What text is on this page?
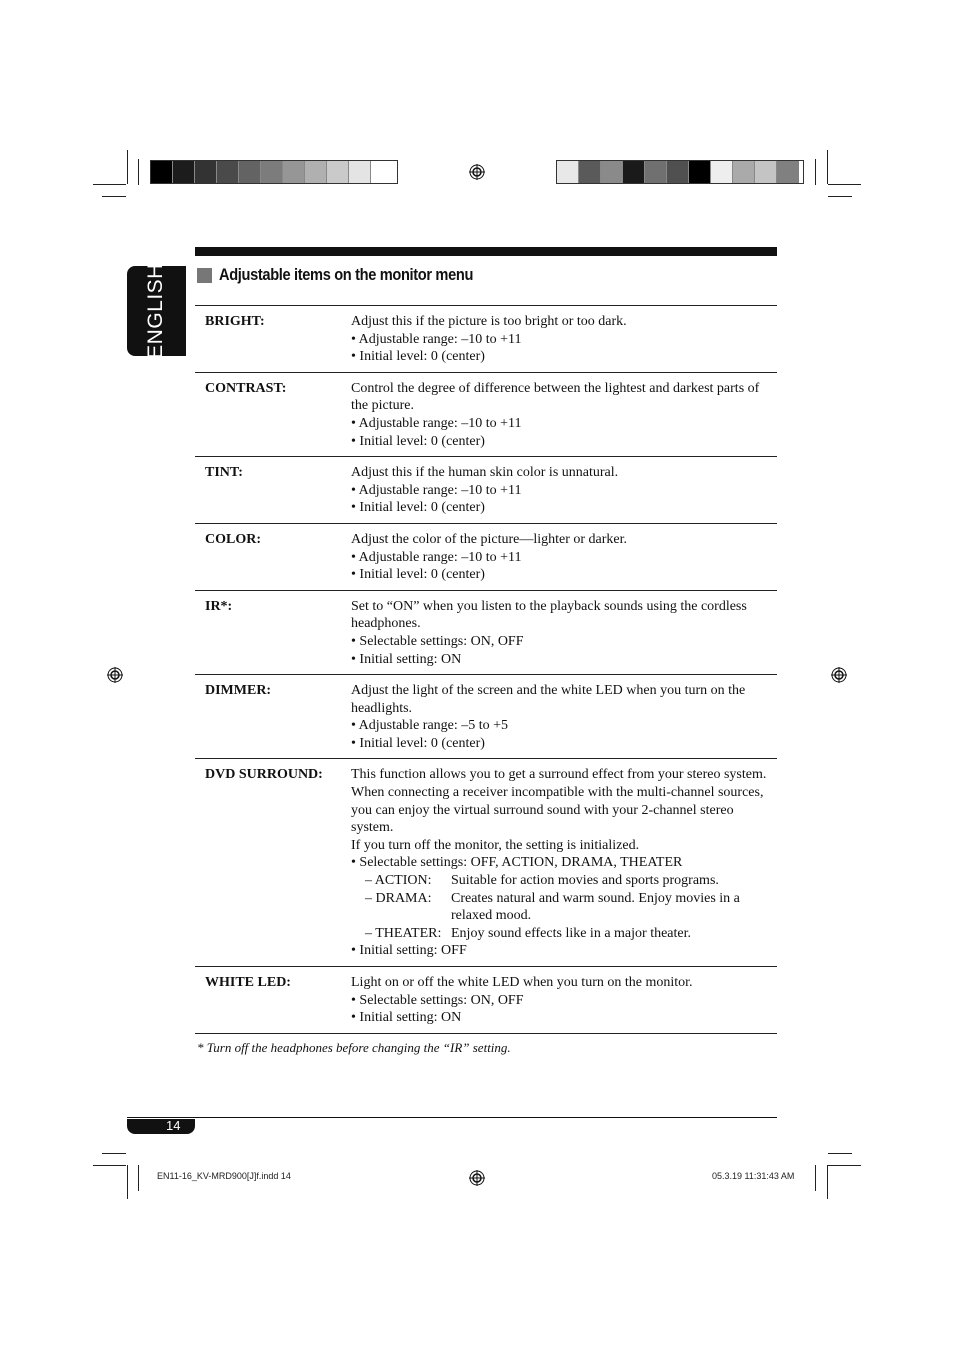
ENGLISH	Adjustable items on the monitor menu
BRIGHT:	Adjust this if the picture is too bright or too dark.
• Adjustable range: –10 to +11
• Initial level: 0 (center)
CONTRAST:	Control the degree of difference between the lightest and darkest parts of the picture.
• Adjustable range: –10 to +11
• Initial level: 0 (center)
TINT:	Adjust this if the human skin color is unnatural.
• Adjustable range: –10 to +11
• Initial level: 0 (center)
COLOR:	Adjust the color of the picture—lighter or darker.
• Adjustable range: –10 to +11
• Initial level: 0 (center)
IR*:	Set to “ON” when you listen to the playback sounds using the cordless headphones.
• Selectable settings: ON, OFF
• Initial setting: ON
DIMMER:	Adjust the light of the screen and the white LED when you turn on the headlights.
• Adjustable range: –5 to +5
• Initial level: 0 (center)
DVD SURROUND:	This function allows you to get a surround effect from your stereo system. When connecting a receiver incompatible with the multi-channel sources, you can enjoy the virtual surround sound with your 2-channel stereo system.
If you turn off the monitor, the setting is initialized.
• Selectable settings: OFF, ACTION, DRAMA, THEATER
– ACTION:	Suitable for action movies and sports programs.
– DRAMA:	Creates natural and warm sound. Enjoy movies in a relaxed mood.
– THEATER: Enjoy sound effects like in a major theater.
• Initial setting: OFF
WHITE LED:	Light on or off the white LED when you turn on the monitor.
• Selectable settings: ON, OFF
• Initial setting: ON
* Turn off the headphones before changing the “IR” setting.
14
EN11-16_KV-MRD900[J]f.indd 14	05.3.19 11:31:43 AM
